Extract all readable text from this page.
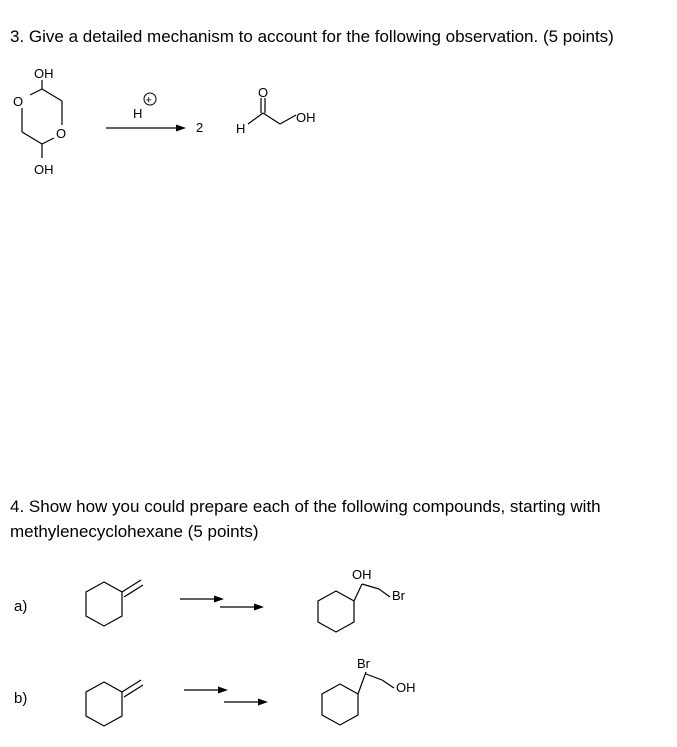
3. Give a detailed mechanism to account for the following observation. (5 points)
4. Show how you could prepare each of the following compounds, starting with
methylenecyclohexane (5 points)
a)
b)
OH
OH
O
O
H
+
2	H
O
OH
OH
Br
Br
OH
